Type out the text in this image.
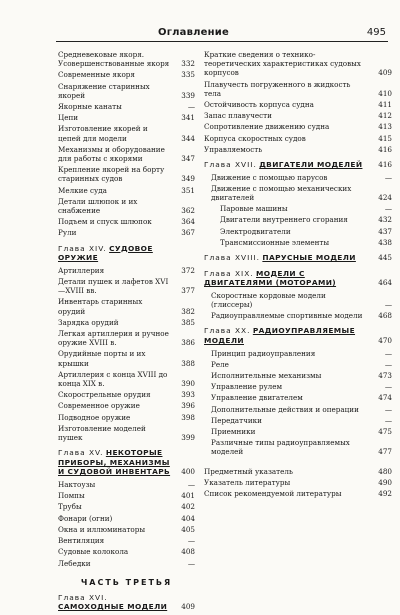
Оглавление	495
Средневековые якоря. Усовершенствованные якоря 332
Современные якоря	335
Снаряжение старинных якорей	339
Якорные канаты	—
Цепи	341
Изготовление якорей и цепей для модели	344
Механизмы и оборудование для работы с якорями	347
Крепление якорей на борту старинных судов	349
Мелкие суда	351
Детали шлюпок и их снабжение	362
Подъем и спуск шлюпок	364
Рули	367
Глава XIV. СУДОВОЕ ОРУЖИЕ
Артиллерия	372
Детали пушек и лафетов XVI—XVIII вв.	377
Инвентарь старинных орудий	382
Зарядка орудий	385
Легкая артиллерия и ручное оружие XVIII в.	386
Орудийные порты и их крышки	388
Артиллерия с конца XVIII до конца XIX в.	390
Скорострельные орудия	393
Современное оружие	396
Подводное оружие	398
Изготовление моделей пушек	399
Глава XV. НЕКОТОРЫЕ ПРИБОРЫ, МЕХАНИЗМЫ И СУДОВОЙ ИНВЕНТАРЬ 400
Нактоузы	—
Помпы	401
Трубы	402
Фонари (огни)	404
Окна и иллюминаторы	405
Вентиляция	—
Судовые колокола	408
Лебедки	—
ЧАСТЬ ТРЕТЬЯ
Глава XVI. САМОХОДНЫЕ МОДЕЛИ 409
Краткие сведения о технико-теоретических характеристиках судовых корпусов	409
Плавучесть погруженного в жидкость тела	410
Остойчивость корпуса судна	411
Запас плавучести	412
Сопротивление движению судна	413
Корпуса скоростных судов	415
Управляемость	416
Глава XVII. ДВИГАТЕЛИ МОДЕЛЕЙ 416
Движение с помощью парусов	—
Движение с помощью механических двигателей	424
Паровые машины	—
Двигатели внутреннего сгорания	432
Электродвигатели	437
Трансмиссионные элементы	438
Глава XVIII. ПАРУСНЫЕ МОДЕЛИ	445
Глава XIX. МОДЕЛИ С ДВИГАТЕЛЯМИ (МОТОРАМИ)	464
Скоростные кордовые модели (глиссеры)	—
Радиоуправляемые спортивные модели 468
Глава XX. РАДИОУПРАВЛЯЕМЫЕ МОДЕЛИ	470
Принцип радиоуправления	—
Реле	—
Исполнительные механизмы	473
Управление рулем	—
Управление двигателем	474
Дополнительные действия и операции	—
Передатчики	—
Приемники	475
Различные типы радиоуправляемых моделей	477
Предметный указатель	480
Указатель литературы	490
Список рекомендуемой литературы	492
